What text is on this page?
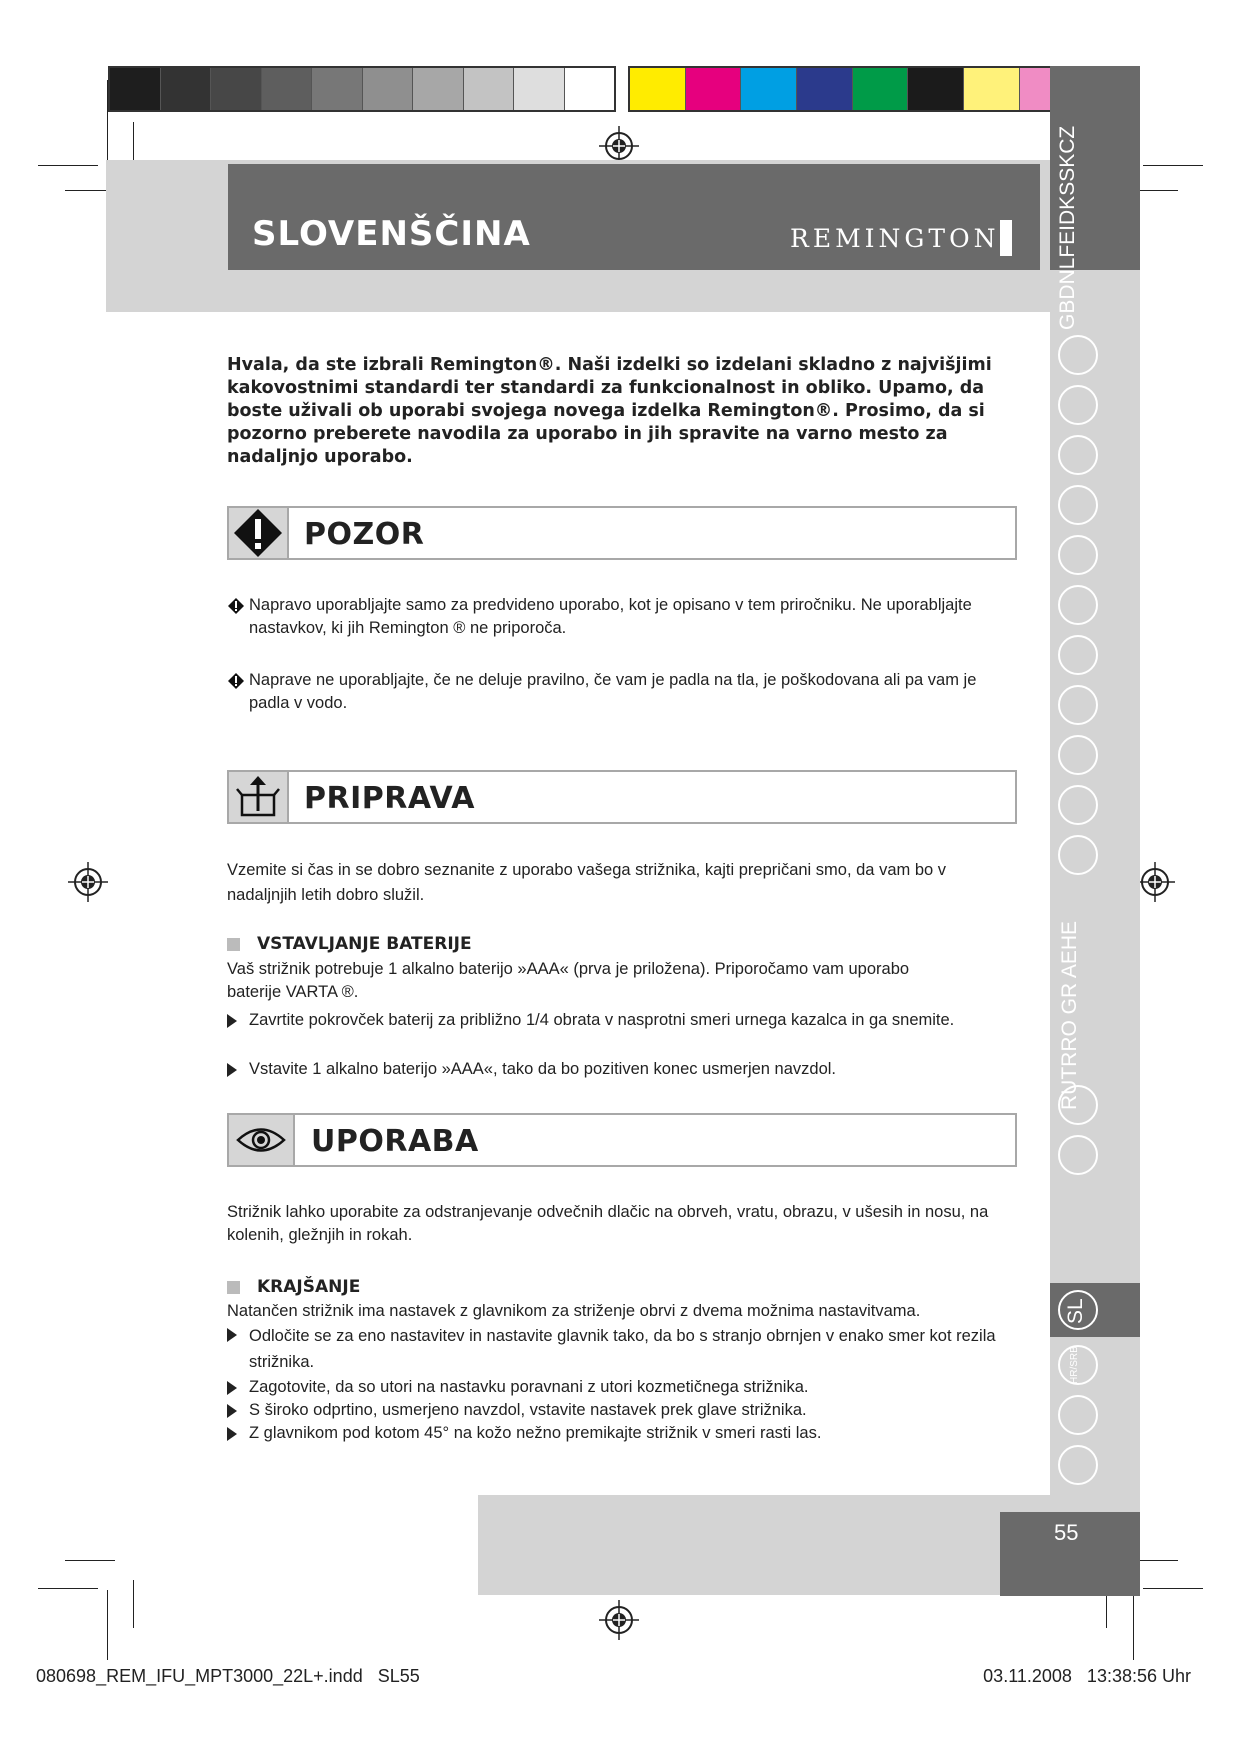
SLOVENŠČINA	REMINGTON	GBDNLFEIDKSSKCZ
RUTRRO GR AEHE
SL
HR/SRB
55
Hvala, da ste izbrali Remington®. Naši izdelki so izdelani skladno z najvišjimi kakovostnimi standardi ter standardi za funkcionalnost in obliko. Upamo, da boste uživali ob uporabi svojega novega izdelka Remington®. Prosimo, da si pozorno preberete navodila za uporabo in jih spravite na varno mesto za nadaljnjo uporabo.
POZOR
Napravo uporabljajte samo za predvideno uporabo, kot je opisano v tem priročniku. Ne uporabljajte nastavkov, ki jih Remington ® ne priporoča.
Naprave ne uporabljajte, če ne deluje pravilno, če vam je padla na tla, je poškodovana ali pa vam je padla v vodo.
PRIPRAVA
Vzemite si čas in se dobro seznanite z uporabo vašega strižnika, kajti prepričani smo, da vam bo v nadaljnjih letih dobro služil.
VSTAVLJANJE BATERIJE
Vaš strižnik potrebuje 1 alkalno baterijo »AAA« (prva je priložena). Priporočamo vam uporabo baterije VARTA ®.
Zavrtite pokrovček baterij za približno 1/4 obrata v nasprotni smeri urnega kazalca in ga snemite.
Vstavite 1 alkalno baterijo »AAA«, tako da bo pozitiven konec usmerjen navzdol.
UPORABA
Strižnik lahko uporabite za odstranjevanje odvečnih dlačic na obrveh, vratu, obrazu, v ušesih in nosu, na kolenih, gležnjih in rokah.
KRAJŠANJE
Natančen strižnik ima nastavek z glavnikom za striženje obrvi z dvema možnima nastavitvama.
Odločite se za eno nastavitev in nastavite glavnik tako, da bo s stranjo obrnjen v enako smer kot rezila strižnika.
Zagotovite, da so utori na nastavku poravnani z utori kozmetičnega strižnika.
S široko odprtino, usmerjeno navzdol, vstavite nastavek prek glave strižnika.
Z glavnikom pod kotom 45° na kožo nežno premikajte strižnik v smeri rasti las.
080698_REM_IFU_MPT3000_22L+.indd   SL55	03.11.2008   13:38:56 Uhr
